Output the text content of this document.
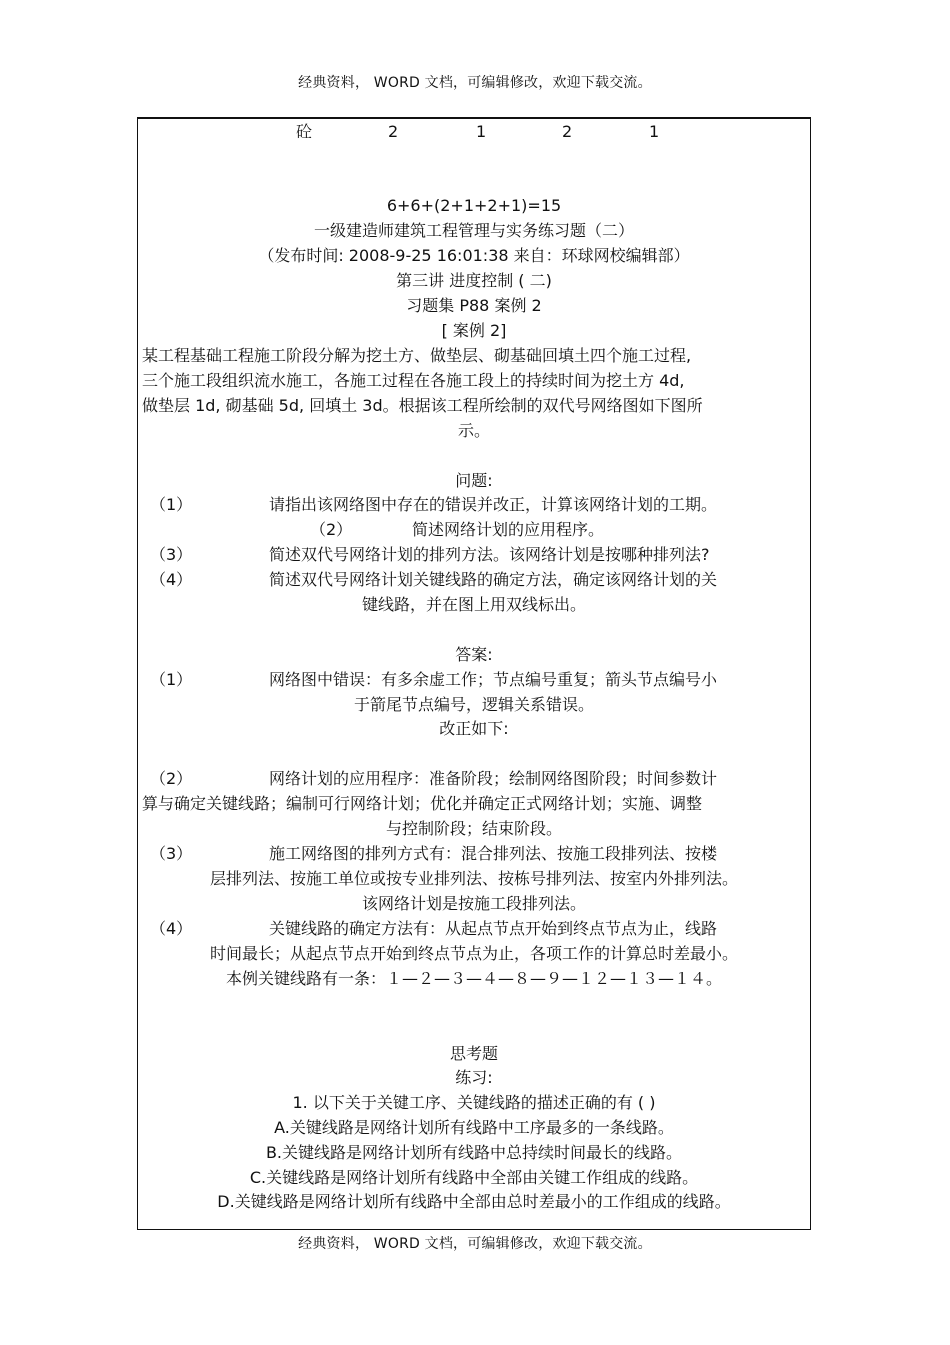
经典资料， WORD 文档，可编辑修改，欢迎下载交流。
砼	2	1	2	1
6+6+(2+1+2+1)=15
一级建造师建筑工程管理与实务练习题（二）
（发布时间: 2008-9-25 16:01:38 来自：环球网校编辑部）
第三讲 进度控制 ( 二)
习题集 P88 案例 2
[ 案例 2]
某工程基础工程施工阶段分解为挖土方、做垫层、砌基础回填土四个施工过程,
三个施工段组织流水施工，各施工过程在各施工段上的持续时间为挖土方 4d,
做垫层 1d, 砌基础 5d, 回填土 3d。根据该工程所绘制的双代号网络图如下图所
示。
问题:
（1）	请指出该网络图中存在的错误并改正，计算该网络计划的工期。
（2）	简述网络计划的应用程序。
（3）	简述双代号网络计划的排列方法。该网络计划是按哪种排列法?
（4）	简述双代号网络计划关键线路的确定方法，确定该网络计划的关
键线路，并在图上用双线标出。
答案:
（1）	网络图中错误：有多余虚工作；节点编号重复；箭头节点编号小
于箭尾节点编号，逻辑关系错误。
改正如下:
（2）	网络计划的应用程序：准备阶段；绘制网络图阶段；时间参数计
算与确定关键线路；编制可行网络计划；优化并确定正式网络计划；实施、调整
与控制阶段；结束阶段。
（3）	施工网络图的排列方式有：混合排列法、按施工段排列法、按楼
层排列法、按施工单位或按专业排列法、按栋号排列法、按室内外排列法。
该网络计划是按施工段排列法。
（4）	关键线路的确定方法有：从起点节点开始到终点节点为止，线路
时间最长；从起点节点开始到终点节点为止，各项工作的计算总时差最小。
本例关键线路有一条：１—２—３—４—８—９—１２—１３—１４。
思考题
练习:
1. 以下关于关键工序、关键线路的描述正确的有 ( )
A.关键线路是网络计划所有线路中工序最多的一条线路。
B.关键线路是网络计划所有线路中总持续时间最长的线路。
C.关键线路是网络计划所有线路中全部由关键工作组成的线路。
D.关键线路是网络计划所有线路中全部由总时差最小的工作组成的线路。
经典资料， WORD 文档，可编辑修改，欢迎下载交流。
